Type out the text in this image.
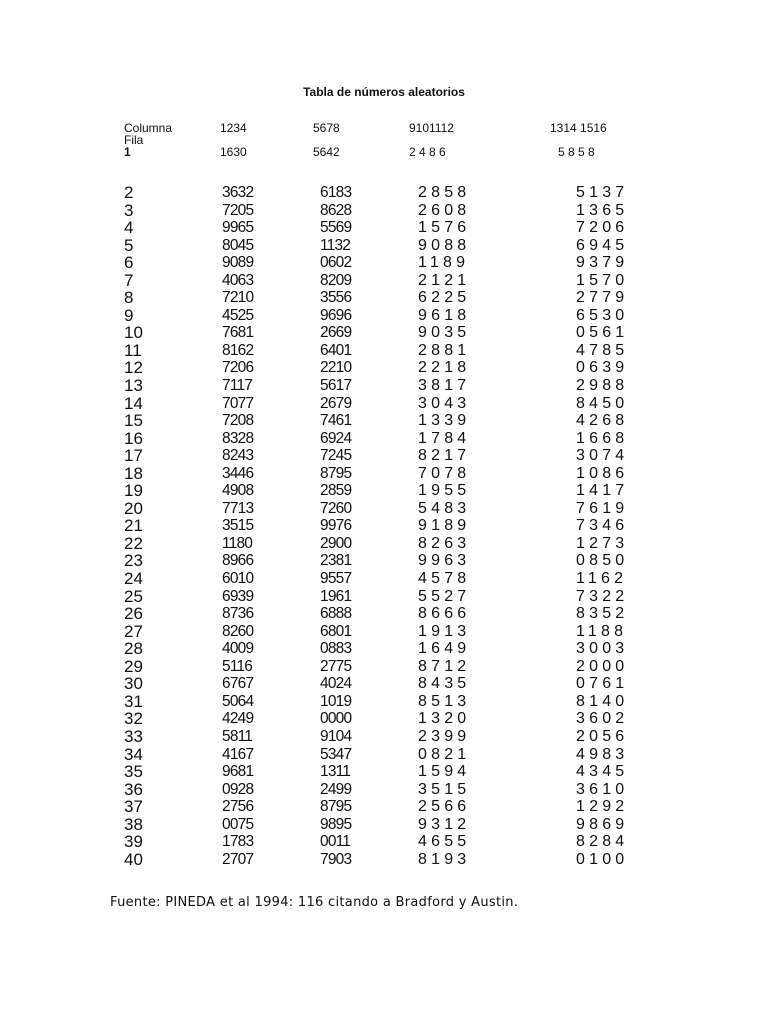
Tabla de números aleatorios
Columna
Fila
1234	5678	9101112	1314 1516
1	1630	5642	2 4 8 6	5 8 5 8
2	3632	6183	2858	5137
3	7205	8628	2608	1365
4	9965	5569	1576	7206
5	8045	1132	9088	6945
6	9089	0602	1189	9379
7	4063	8209	2121	1570
8	7210	3556	6225	2779
9	4525	9696	9618	6530
10	7681	2669	9035	0561
11	8162	6401	2881	4785
12	7206	2210	2218	0639
13	7117	5617	3817	2988
14	7077	2679	3043	8450
15	7208	7461	1339	4268
16	8328	6924	1784	1668
17	8243	7245	8217	3074
18	3446	8795	7078	1086
19	4908	2859	1955	1417
20	7713	7260	5483	7619
21	3515	9976	9189	7346
22	1180	2900	8263	1273
23	8966	2381	9963	0850
24	6010	9557	4578	1162
25	6939	1961	5527	7322
26	8736	6888	8666	8352
27	8260	6801	1913	1188
28	4009	0883	1649	3003
29	5116	2775	8712	2000
30	6767	4024	8435	0761
31	5064	1019	8513	8140
32	4249	0000	1320	3602
33	5811	9104	2399	2056
34	4167	5347	0821	4983
35	9681	1311	1594	4345
36	0928	2499	3515	3610
37	2756	8795	2566	1292
38	0075	9895	9312	9869
39	1783	0011	4655	8284
40	2707	7903	8193	0100
Fuente: PINEDA et al 1994: 116 citando a Bradford y Austin.
